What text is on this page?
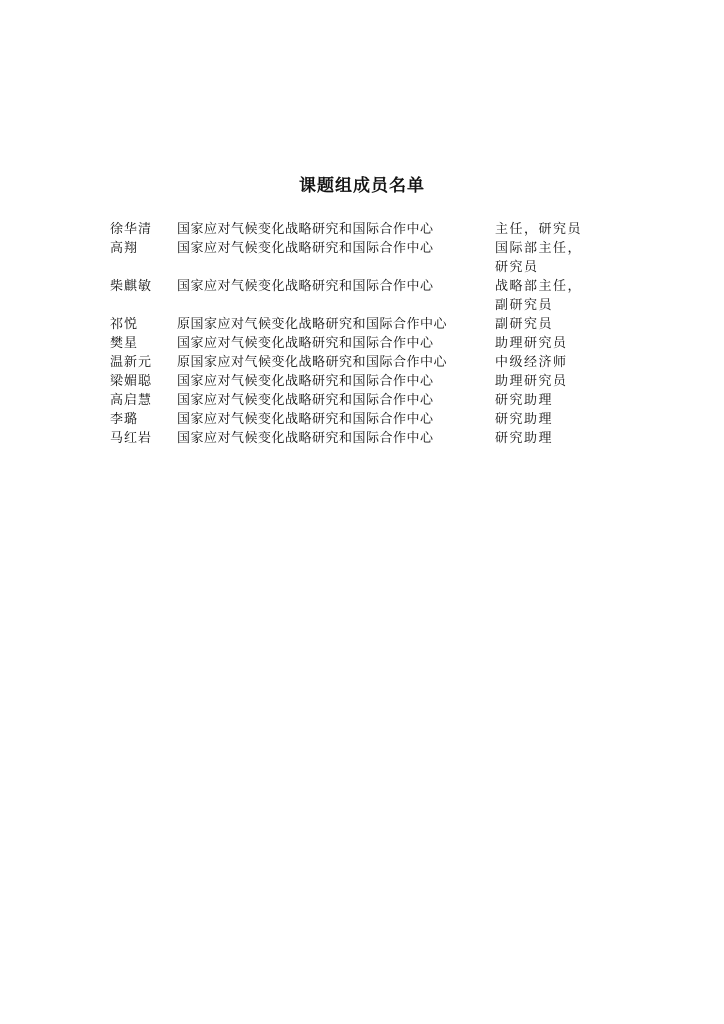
课题组成员名单
徐华清	国家应对气候变化战略研究和国际合作中心	主任，研究员
高翔	国家应对气候变化战略研究和国际合作中心	国际部主任，
研究员
柴麒敏	国家应对气候变化战略研究和国际合作中心	战略部主任，
副研究员
祁悦	原国家应对气候变化战略研究和国际合作中心	副研究员
樊星	国家应对气候变化战略研究和国际合作中心	助理研究员
温新元	原国家应对气候变化战略研究和国际合作中心	中级经济师
梁媚聪	国家应对气候变化战略研究和国际合作中心	助理研究员
高启慧	国家应对气候变化战略研究和国际合作中心	研究助理
李璐	国家应对气候变化战略研究和国际合作中心	研究助理
马红岩	国家应对气候变化战略研究和国际合作中心	研究助理
